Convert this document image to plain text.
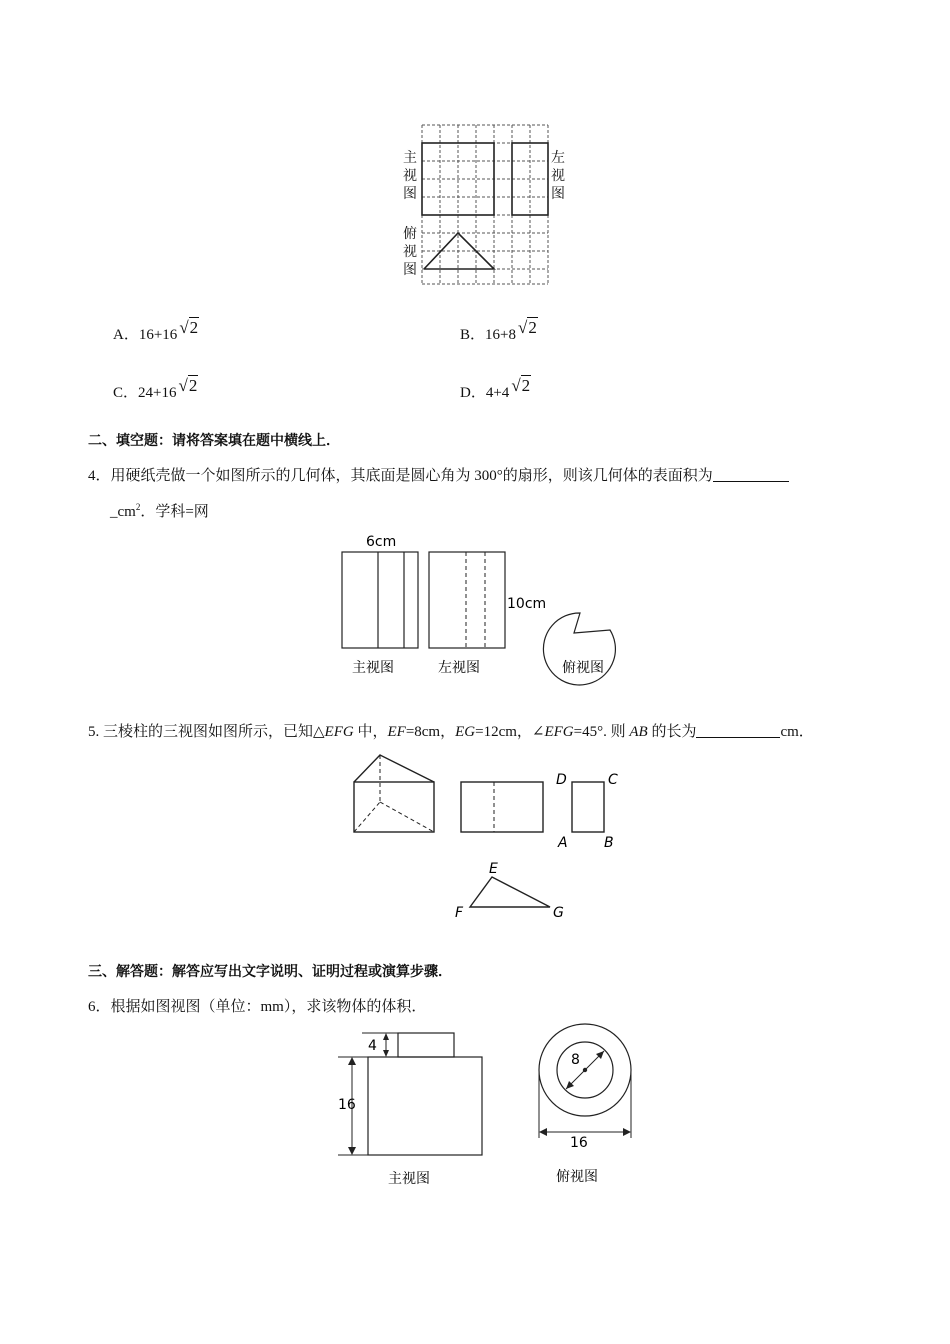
主
视
图
左
视
图
俯
视
图
A．16+16 √2	B．16+8 √2
C．24+16 √2	D．4+4 √2
二、填空题：请将答案填在题中横线上．
4．用硬纸壳做一个如图所示的几何体，其底面是圆心角为 300°的扇形，则该几何体的表面积为
$\_cm^2$．学科=网
6cm
10cm
主视图	左视图	俯视图
5. 三棱柱的三视图如图所示，已知△EFG 中，EF=8cm，EG=12cm，∠EFG=45°. 则 AB 的长为	cm．
D	C
A	B
E
F	G
三、解答题：解答应写出文字说明、证明过程或演算步骤．
6．根据如图视图（单位：mm），求该物体的体积．
4
16
主视图
8
16
俯视图
